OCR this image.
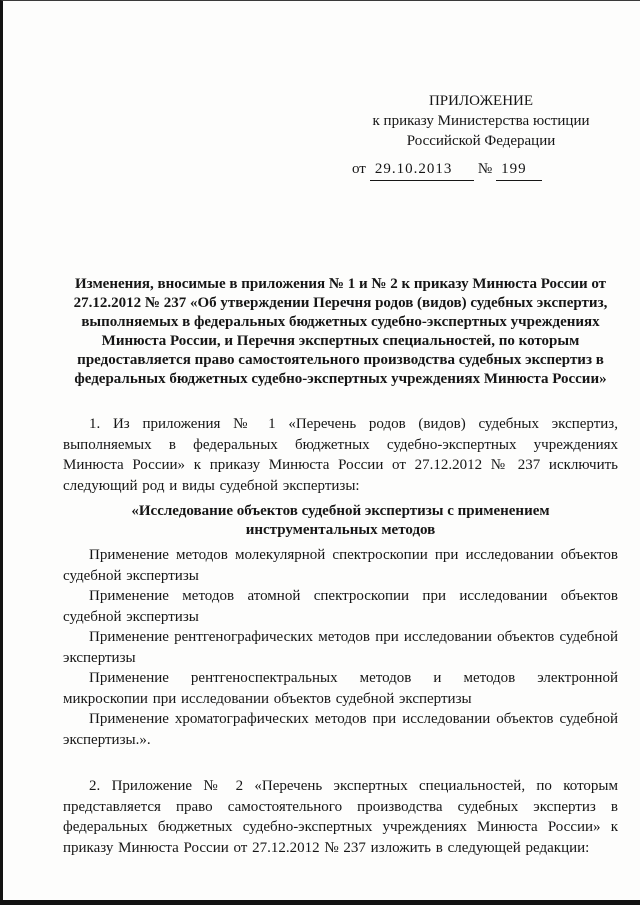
ПРИЛОЖЕНИЕ
к приказу Министерства юстиции
Российской Федерации
от 29.10.2013 № 199
Изменения, вносимые в приложения № 1 и № 2 к приказу Минюста России от 27.12.2012 № 237 «Об утверждении Перечня родов (видов) судебных экспертиз, выполняемых в федеральных бюджетных судебно-экспертных учреждениях Минюста России, и Перечня экспертных специальностей, по которым предоставляется право самостоятельного производства судебных экспертиз в федеральных бюджетных судебно-экспертных учреждениях Минюста России»

1. Из приложения № 1 «Перечень родов (видов) судебных экспертиз, выполняемых в федеральных бюджетных судебно-экспертных учреждениях Минюста России» к приказу Минюста России от 27.12.2012 № 237 исключить следующий род и виды судебной экспертизы:

«Исследование объектов судебной экспертизы с применением инструментальных методов

Применение методов молекулярной спектроскопии при исследовании объектов судебной экспертизы

Применение методов атомной спектроскопии при исследовании объектов судебной экспертизы

Применение рентгенографических методов при исследовании объектов судебной экспертизы

Применение рентгеноспектральных методов и методов электронной микроскопии при исследовании объектов судебной экспертизы

Применение хроматографических методов при исследовании объектов судебной экспертизы.».

2. Приложение № 2 «Перечень экспертных специальностей, по которым представляется право самостоятельного производства судебных экспертиз в федеральных бюджетных судебно-экспертных учреждениях Минюста России» к приказу Минюста России от 27.12.2012 № 237 изложить в следующей редакции:
